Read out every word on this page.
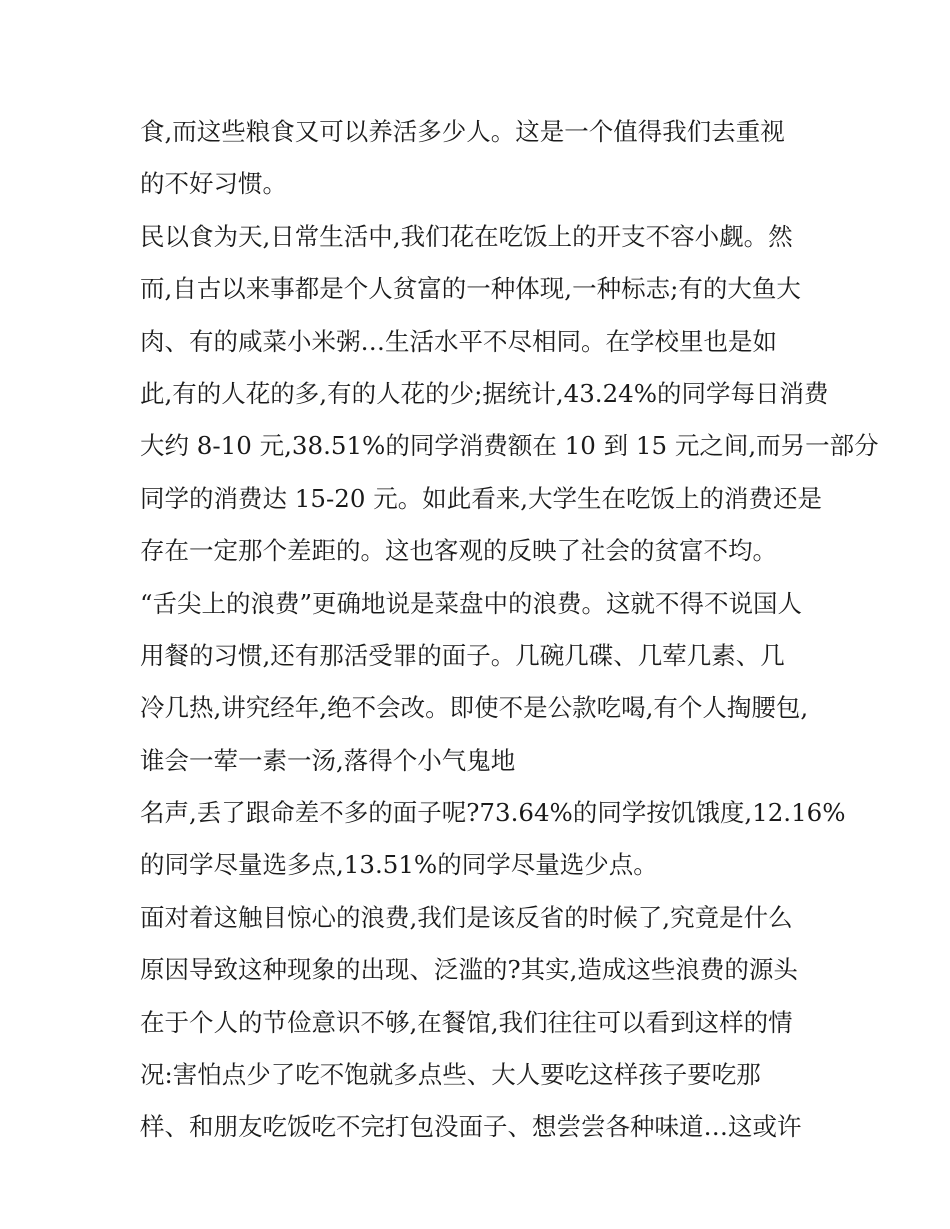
食,而这些粮食又可以养活多少人。这是一个值得我们去重视
的不好习惯。
民以食为天,日常生活中,我们花在吃饭上的开支不容小觑。然
而,自古以来事都是个人贫富的一种体现,一种标志;有的大鱼大
肉、有的咸菜小米粥…生活水平不尽相同。在学校里也是如
此,有的人花的多,有的人花的少;据统计,43.24%的同学每日消费
大约 8-10 元,38.51%的同学消费额在 10 到 15 元之间,而另一部分
同学的消费达 15-20 元。如此看来,大学生在吃饭上的消费还是
存在一定那个差距的。这也客观的反映了社会的贫富不均。
“舌尖上的浪费”更确地说是菜盘中的浪费。这就不得不说国人
用餐的习惯,还有那活受罪的面子。几碗几碟、几荤几素、几
冷几热,讲究经年,绝不会改。即使不是公款吃喝,有个人掏腰包,
谁会一荤一素一汤,落得个小气鬼地
名声,丢了跟命差不多的面子呢?73.64%的同学按饥饿度,12.16%
的同学尽量选多点,13.51%的同学尽量选少点。
面对着这触目惊心的浪费,我们是该反省的时候了,究竟是什么
原因导致这种现象的出现、泛滥的?其实,造成这些浪费的源头
在于个人的节俭意识不够,在餐馆,我们往往可以看到这样的情
况:害怕点少了吃不饱就多点些、大人要吃这样孩子要吃那
样、和朋友吃饭吃不完打包没面子、想尝尝各种味道…这或许
